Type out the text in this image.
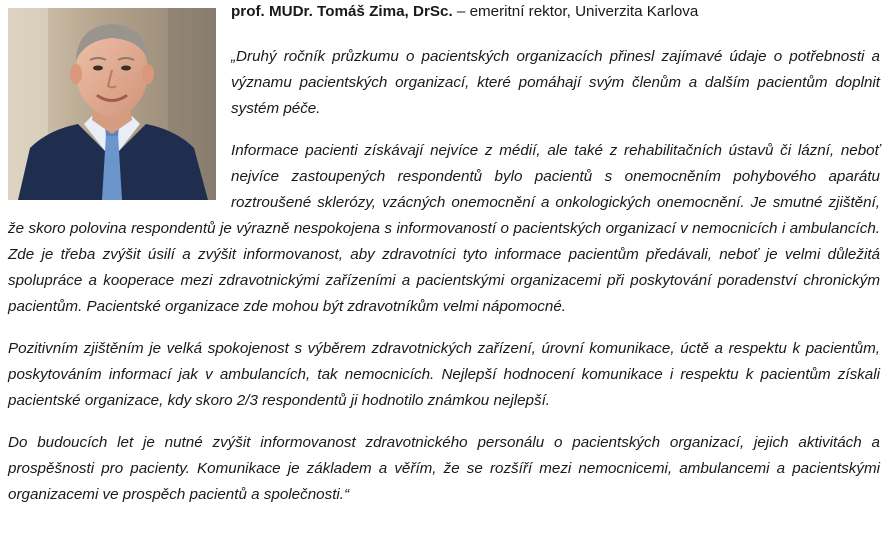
prof. MUDr. Tomáš Zima, DrSc. – emeritní rektor, Univerzita Karlova

„Druhý ročník průzkumu o pacientských organizacích přinesl zajímavé údaje o potřebnosti a významu pacientských organizací, které pomáhají svým členům a dalším pacientům doplnit systém péče.

Informace pacienti získávají nejvíce z médií, ale také z rehabilitačních ústavů či lázní, neboť nejvíce zastoupených respondentů bylo pacientů s onemocněním pohybového aparátu roztroušené sklerózy, vzácných onemocnění a onkologických onemocnění. Je smutné zjištění, že skoro polovina respondentů je výrazně nespokojena s informovaností o pacientských organizací v nemocnicích i ambulancích. Zde je třeba zvýšit úsilí a zvýšit informovanost, aby zdravotníci tyto informace pacientům předávali, neboť je velmi důležitá spolupráce a kooperace mezi zdravotnickými zařízeními a pacientskými organizacemi při poskytování poradenství chronickým pacientům. Pacientské organizace zde mohou být zdravotníkům velmi nápomocné.

Pozitivním zjištěním je velká spokojenost s výběrem zdravotnických zařízení, úrovní komunikace, úctě a respektu k pacientům, poskytováním informací jak v ambulancích, tak nemocnicích. Nejlepší hodnocení komunikace i respektu k pacientům získali pacientské organizace, kdy skoro 2/3 respondentů ji hodnotilo známkou nejlepší.

Do budoucích let je nutné zvýšit informovanost zdravotnického personálu o pacientských organizací, jejich aktivitách a prospěšnosti pro pacienty. Komunikace je základem a věřím, že se rozšíří mezi nemocnicemi, ambulancemi a pacientskými organizacemi ve prospěch pacientů a společnosti.“
